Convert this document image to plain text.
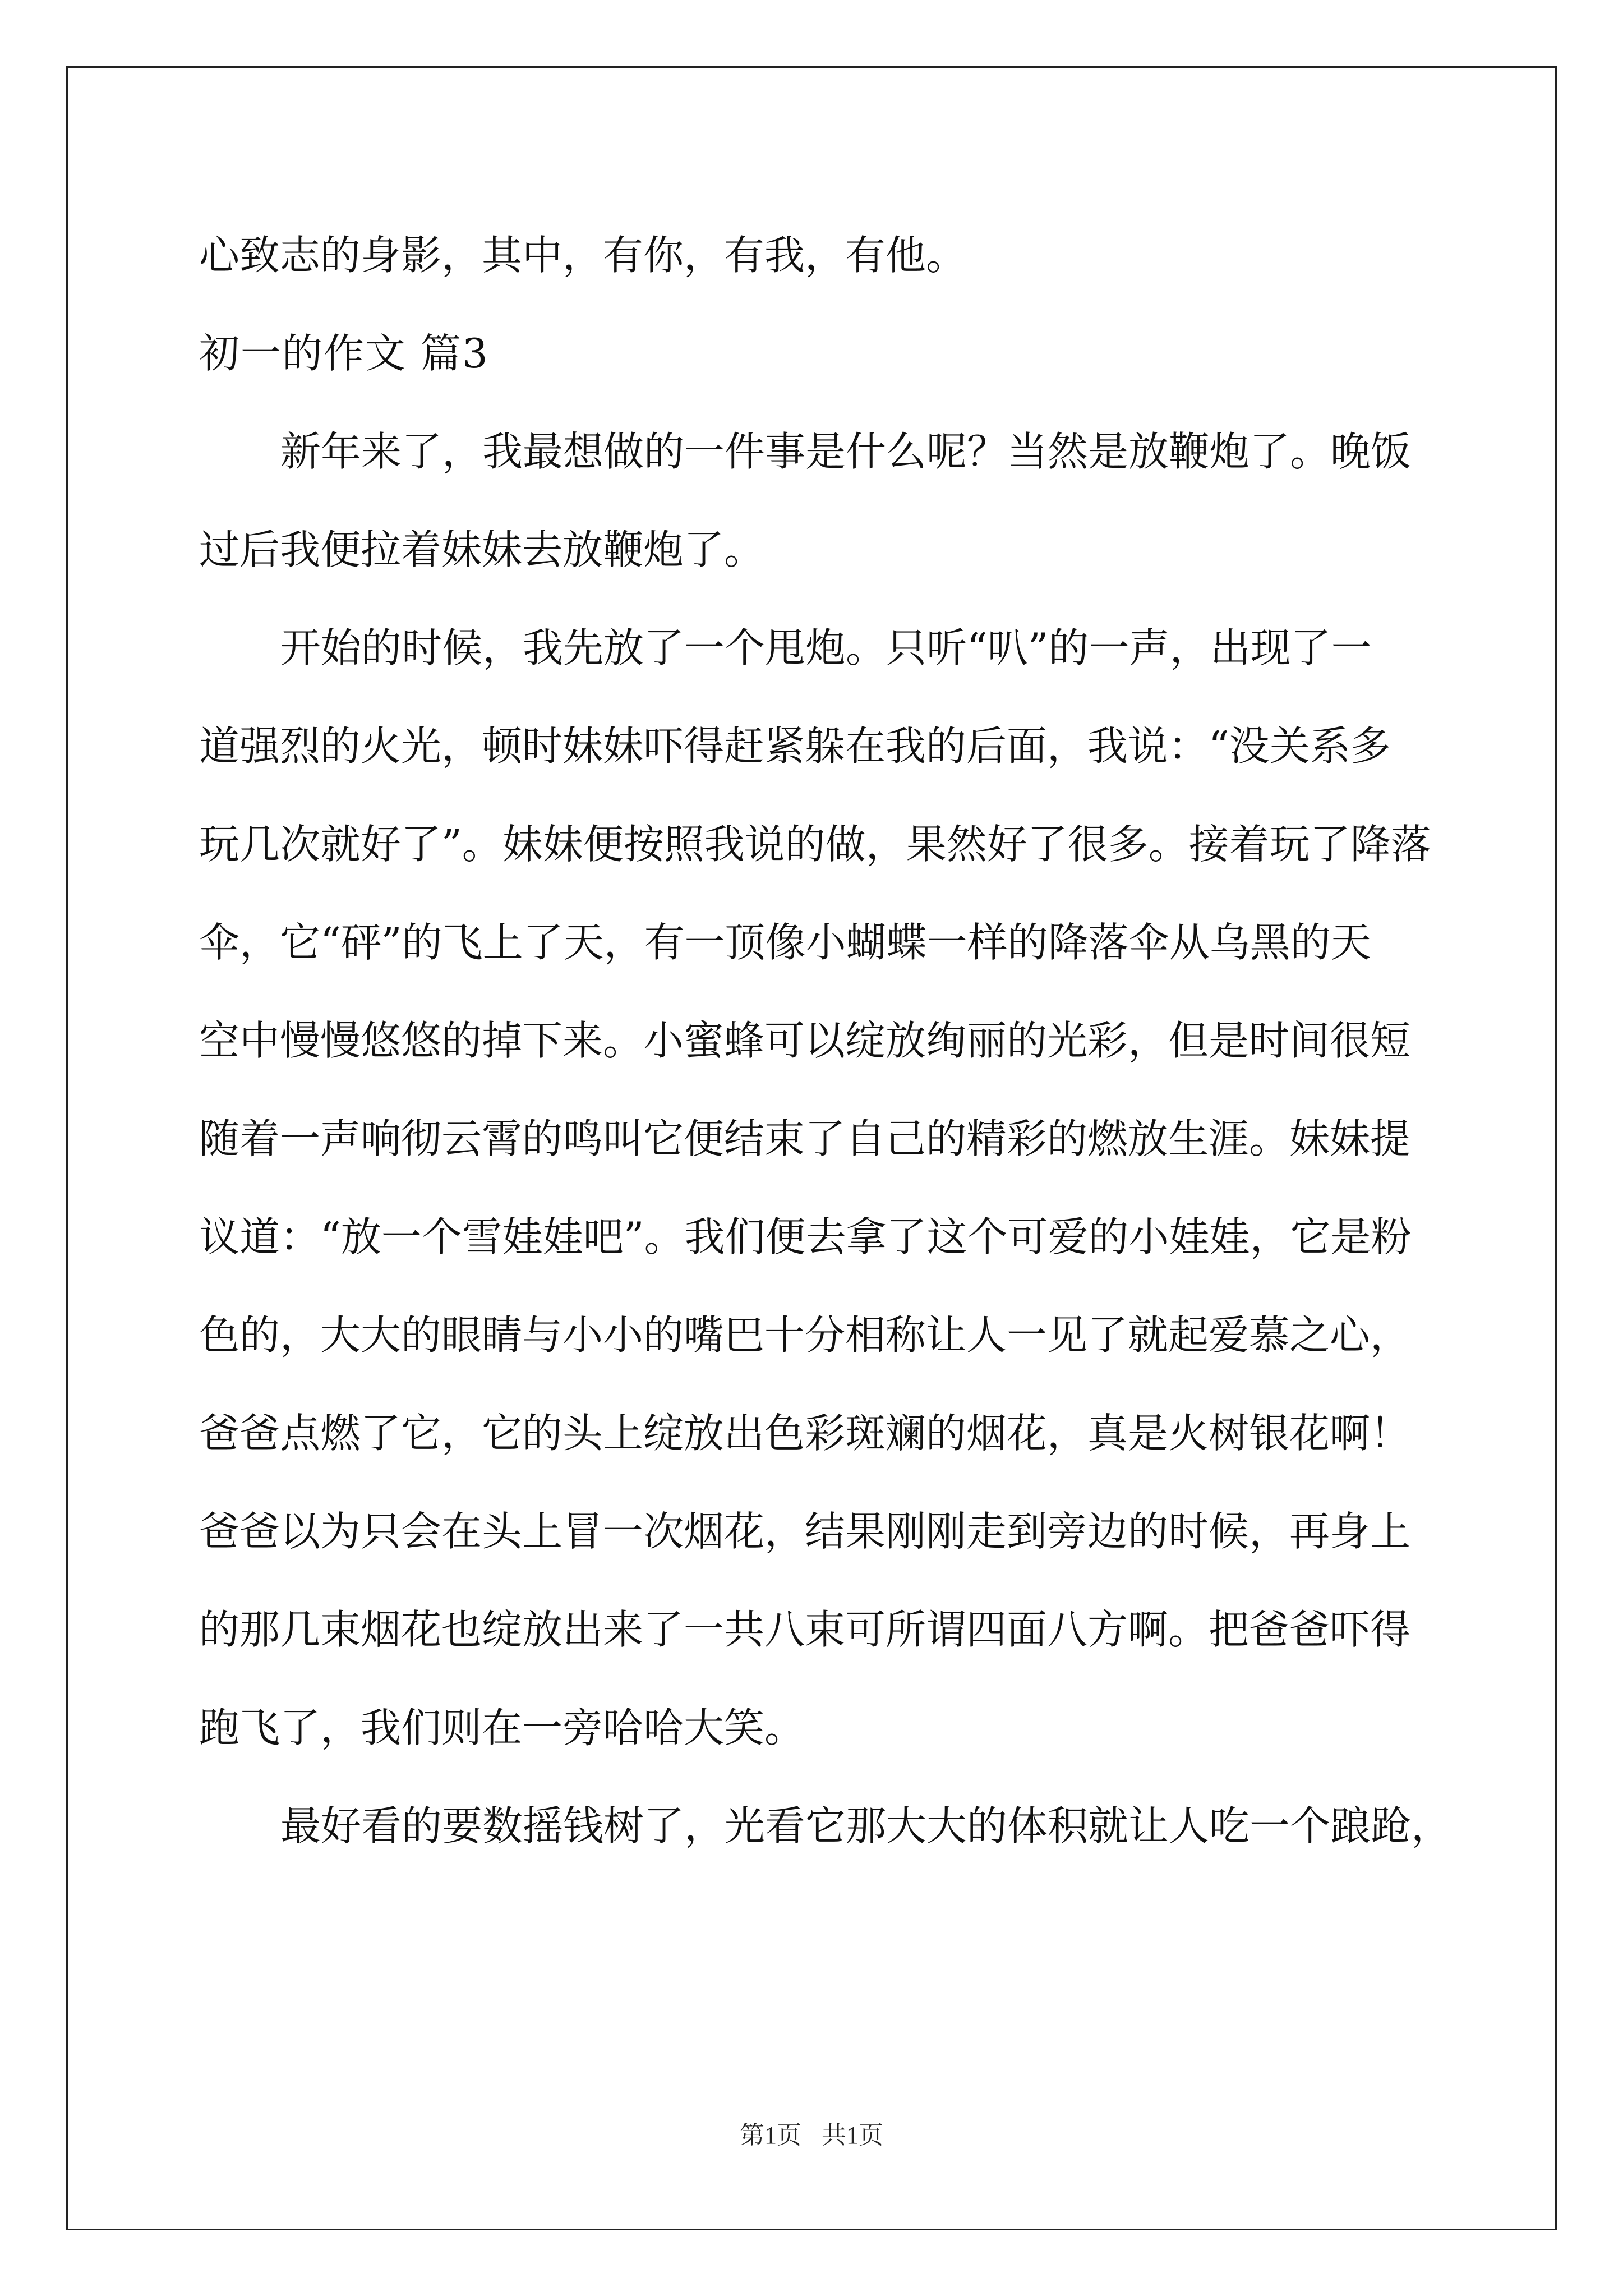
心致志的身影，其中，有你，有我，有他。
初一的作文 篇3
新年来了，我最想做的一件事是什么呢？当然是放鞭炮了。晚饭
过后我便拉着妹妹去放鞭炮了。
开始的时候，我先放了一个甩炮。只听“叭”的一声，出现了一
道强烈的火光，顿时妹妹吓得赶紧躲在我的后面，我说：“没关系多
玩几次就好了”。妹妹便按照我说的做，果然好了很多。接着玩了降落
伞，它“砰”的飞上了天，有一顶像小蝴蝶一样的降落伞从乌黑的天
空中慢慢悠悠的掉下来。小蜜蜂可以绽放绚丽的光彩，但是时间很短
随着一声响彻云霄的鸣叫它便结束了自己的精彩的燃放生涯。妹妹提
议道：“放一个雪娃娃吧”。我们便去拿了这个可爱的小娃娃，它是粉
色的，大大的眼睛与小小的嘴巴十分相称让人一见了就起爱慕之心，
爸爸点燃了它，它的头上绽放出色彩斑斓的烟花，真是火树银花啊！
爸爸以为只会在头上冒一次烟花，结果刚刚走到旁边的时候，再身上
的那几束烟花也绽放出来了一共八束可所谓四面八方啊。把爸爸吓得
跑飞了，我们则在一旁哈哈大笑。
最好看的要数摇钱树了，光看它那大大的体积就让人吃一个踉跄，
第1页 共1页
